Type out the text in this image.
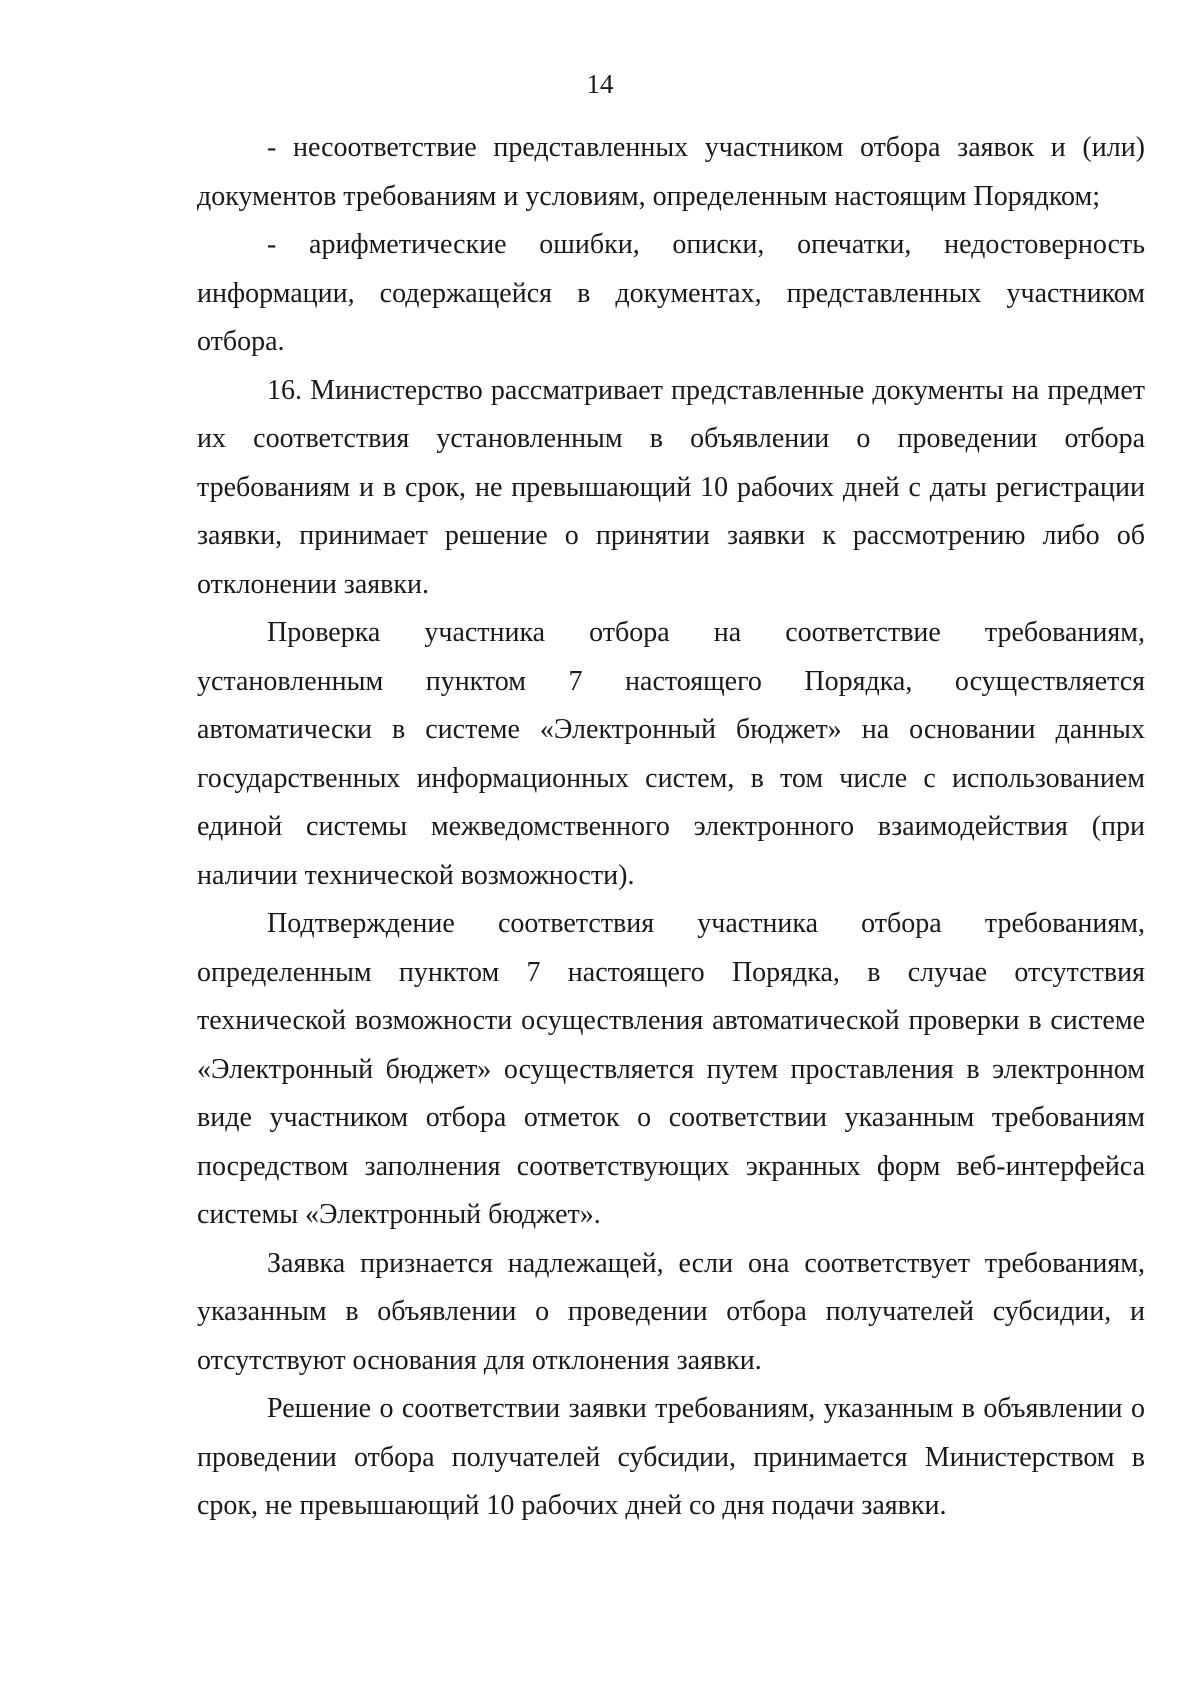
14

- несоответствие представленных участником отбора заявок и (или) документов требованиям и условиям, определенным настоящим Порядком;

- арифметические ошибки, описки, опечатки, недостоверность информации, содержащейся в документах, представленных участником отбора.

16. Министерство рассматривает представленные документы на предмет их соответствия установленным в объявлении о проведении отбора требованиям и в срок, не превышающий 10 рабочих дней с даты регистрации заявки, принимает решение о принятии заявки к рассмотрению либо об отклонении заявки.

Проверка участника отбора на соответствие требованиям, установленным пунктом 7 настоящего Порядка, осуществляется автоматически в системе «Электронный бюджет» на основании данных государственных информационных систем, в том числе с использованием единой системы межведомственного электронного взаимодействия (при наличии технической возможности).

Подтверждение соответствия участника отбора требованиям, определенным пунктом 7 настоящего Порядка, в случае отсутствия технической возможности осуществления автоматической проверки в системе «Электронный бюджет» осуществляется путем проставления в электронном виде участником отбора отметок о соответствии указанным требованиям посредством заполнения соответствующих экранных форм веб-интерфейса системы «Электронный бюджет».

Заявка признается надлежащей, если она соответствует требованиям, указанным в объявлении о проведении отбора получателей субсидии, и отсутствуют основания для отклонения заявки.

Решение о соответствии заявки требованиям, указанным в объявлении о проведении отбора получателей субсидии, принимается Министерством в срок, не превышающий 10 рабочих дней со дня подачи заявки.
